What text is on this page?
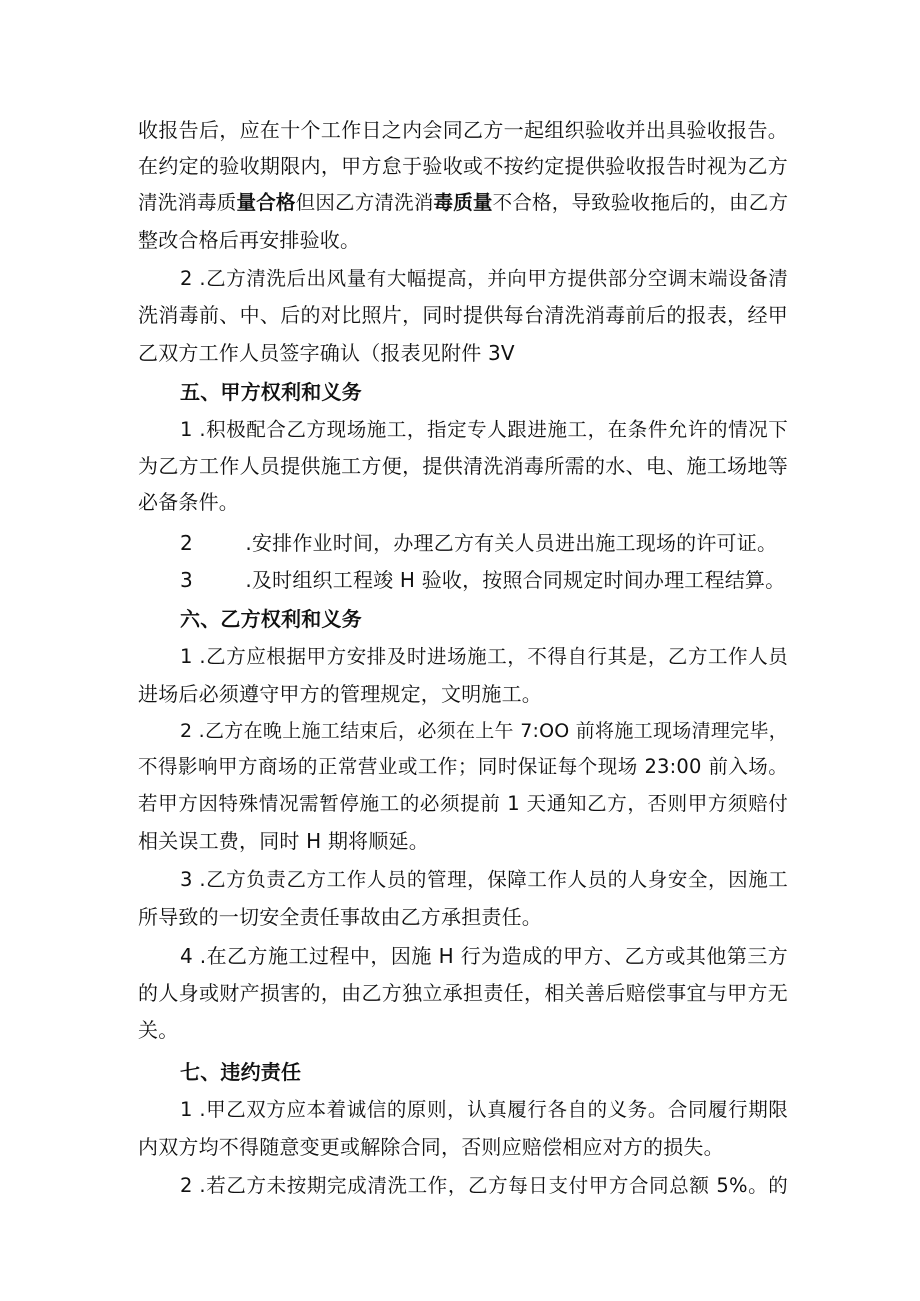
收报告后，应在十个工作日之内会同乙方一起组织验收并出具验收报告。
在约定的验收期限内，甲方怠于验收或不按约定提供验收报告时视为乙方
清洗消毒质量合格但因乙方清洗消毒质量不合格，导致验收拖后的，由乙方
整改合格后再安排验收。
2 .乙方清洗后出风量有大幅提高，并向甲方提供部分空调末端设备清
洗消毒前、中、后的对比照片，同时提供每台清洗消毒前后的报表，经甲
乙双方工作人员签字确认（报表见附件 3V
五、甲方权利和义务
1 .积极配合乙方现场施工，指定专人跟进施工，在条件允许的情况下
为乙方工作人员提供施工方便，提供清洗消毒所需的水、电、施工场地等
必备条件。
2        .安排作业时间，办理乙方有关人员进出施工现场的许可证。
3        .及时组织工程竣 H 验收，按照合同规定时间办理工程结算。
六、乙方权利和义务
1 .乙方应根据甲方安排及时进场施工，不得自行其是，乙方工作人员
进场后必须遵守甲方的管理规定，文明施工。
2 .乙方在晚上施工结束后，必须在上午 7:OO 前将施工现场清理完毕，
不得影响甲方商场的正常营业或工作；同时保证每个现场 23:00 前入场。
若甲方因特殊情况需暂停施工的必须提前 1 天通知乙方，否则甲方须赔付
相关误工费，同时 H 期将顺延。
3 .乙方负责乙方工作人员的管理，保障工作人员的人身安全，因施工
所导致的一切安全责任事故由乙方承担责任。
4 .在乙方施工过程中，因施 H 行为造成的甲方、乙方或其他第三方
的人身或财产损害的，由乙方独立承担责任，相关善后赔偿事宜与甲方无
关。
七、违约责任
1 .甲乙双方应本着诚信的原则，认真履行各自的义务。合同履行期限
内双方均不得随意变更或解除合同，否则应赔偿相应对方的损失。
2 .若乙方未按期完成清洗工作，乙方每日支付甲方合同总额 5%。的
